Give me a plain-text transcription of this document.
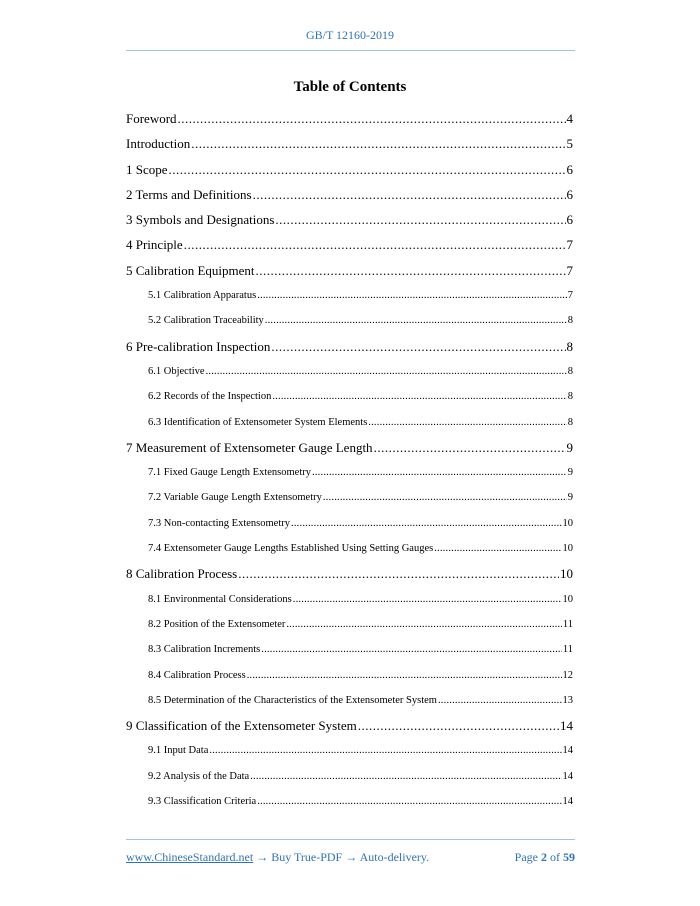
GB/T 12160-2019
Table of Contents
Foreword .....	4
Introduction .....	5
1 Scope .....	6
2 Terms and Definitions .....	6
3 Symbols and Designations .....	6
4 Principle .....	7
5 Calibration Equipment .....	7
5.1 Calibration Apparatus .....	7
5.2 Calibration Traceability .....	8
6 Pre-calibration Inspection .....	8
6.1 Objective .....	8
6.2 Records of the Inspection .....	8
6.3 Identification of Extensometer System Elements .....	8
7 Measurement of Extensometer Gauge Length .....	9
7.1 Fixed Gauge Length Extensometry .....	9
7.2 Variable Gauge Length Extensometry .....	9
7.3 Non-contacting Extensometry .....	10
7.4 Extensometer Gauge Lengths Established Using Setting Gauges .....	10
8 Calibration Process .....	10
8.1 Environmental Considerations .....	10
8.2 Position of the Extensometer .....	11
8.3 Calibration Increments .....	11
8.4 Calibration Process .....	12
8.5 Determination of the Characteristics of the Extensometer System .....	13
9 Classification of the Extensometer System .....	14
9.1 Input Data .....	14
9.2 Analysis of the Data .....	14
9.3 Classification Criteria .....	14
www.ChineseStandard.net → Buy True-PDF → Auto-delivery.	Page 2 of 59
